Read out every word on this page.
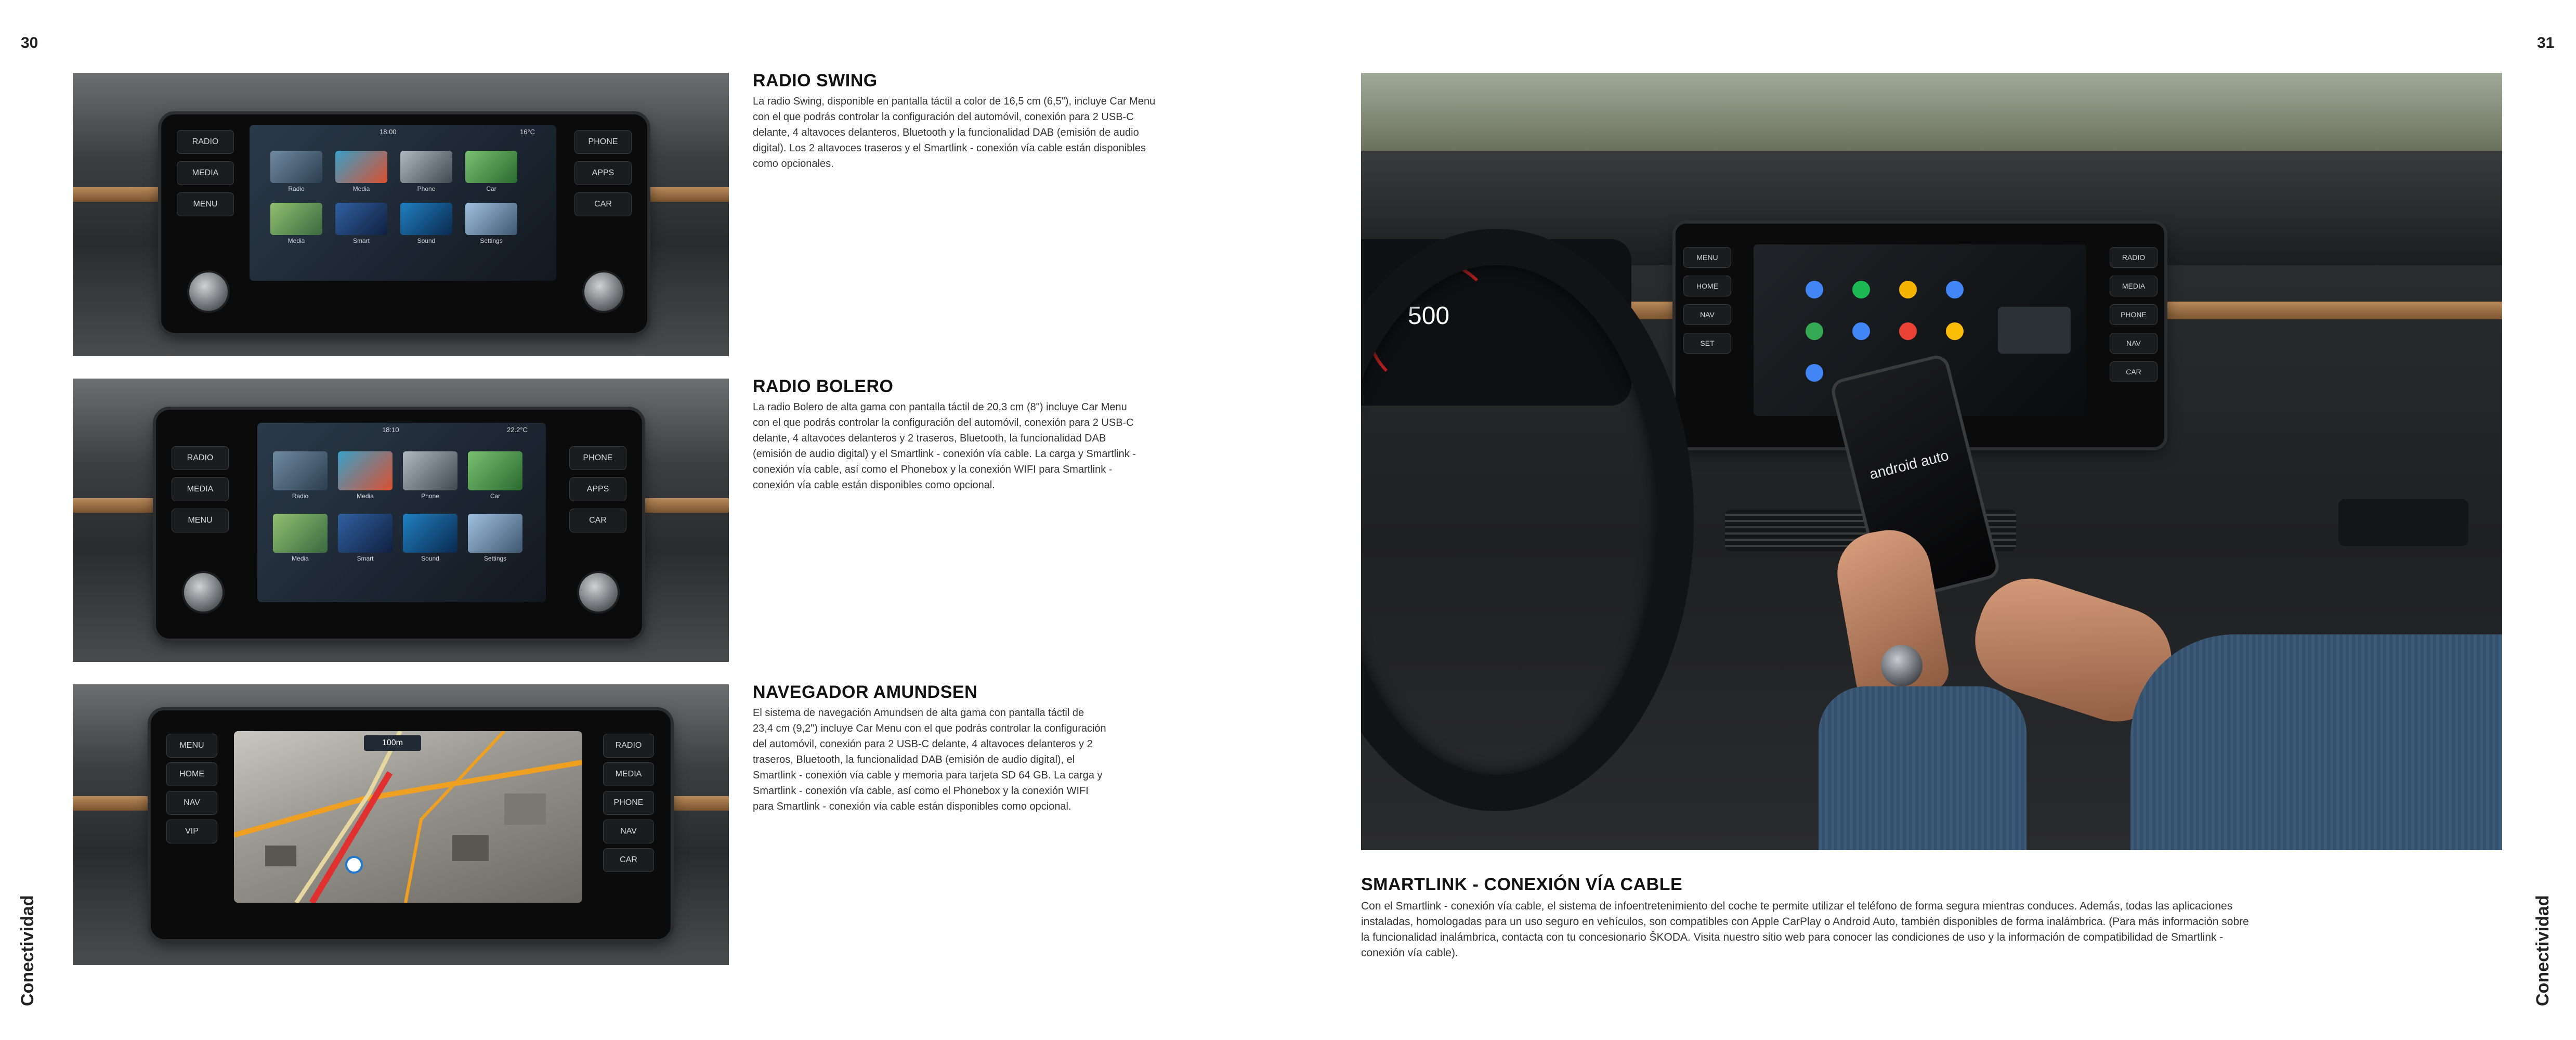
30	31
Conectividad	Conectividad
RADIO
MEDIA
MENU
PHONE
APPS
CAR
18:00	16°C
Radio	Media	Phone	Car
Media	Smart	Sound	Settings
RADIO SWING
La radio Swing, disponible en pantalla táctil a color de 16,5 cm (6,5"), incluye Car Menu con el que podrás controlar la configuración del automóvil, conexión para 2 USB-C delante, 4 altavoces delanteros, Bluetooth y la funcionalidad DAB (emisión de audio digital). Los 2 altavoces traseros y el Smartlink - conexión vía cable están disponibles como opcionales.
RADIO
MEDIA
MENU
PHONE
APPS
CAR
18:10	22.2°C
Radio	Media	Phone	Car
Media	Smart	Sound	Settings
RADIO BOLERO
La radio Bolero de alta gama con pantalla táctil de 20,3 cm (8") incluye Car Menu con el que podrás controlar la configuración del automóvil, conexión para 2 USB-C delante, 4 altavoces delanteros y 2 traseros, Bluetooth, la funcionalidad DAB (emisión de audio digital) y el Smartlink - conexión vía cable. La carga y Smartlink - conexión vía cable, así como el Phonebox y la conexión WIFI para Smartlink - conexión vía cable están disponibles como opcional.
MENU
HOME
NAV
VIP
RADIO
MEDIA
PHONE
NAV
CAR
100m
NAVEGADOR AMUNDSEN
El sistema de navegación Amundsen de alta gama con pantalla táctil de 23,4 cm (9,2") incluye Car Menu con el que podrás controlar la configuración del automóvil, conexión para 2 USB-C delante, 4 altavoces delanteros y 2 traseros, Bluetooth, la funcionalidad DAB (emisión de audio digital), el Smartlink - conexión vía cable y memoria para tarjeta SD 64 GB. La carga y Smartlink - conexión vía cable, así como el Phonebox y la conexión WIFI para Smartlink - conexión vía cable están disponibles como opcional.
500
MENU
HOME
NAV
SET
RADIO
MEDIA
PHONE
NAV
CAR
android auto
SMARTLINK - CONEXIÓN VÍA CABLE
Con el Smartlink - conexión vía cable, el sistema de infoentretenimiento del coche te permite utilizar el teléfono de forma segura mientras conduces. Además, todas las aplicaciones instaladas, homologadas para un uso seguro en vehículos, son compatibles con Apple CarPlay o Android Auto, también disponibles de forma inalámbrica. (Para más información sobre la funcionalidad inalámbrica, contacta con tu concesionario ŠKODA. Visita nuestro sitio web para conocer las condiciones de uso y la información de compatibilidad de Smartlink - conexión vía cable).
